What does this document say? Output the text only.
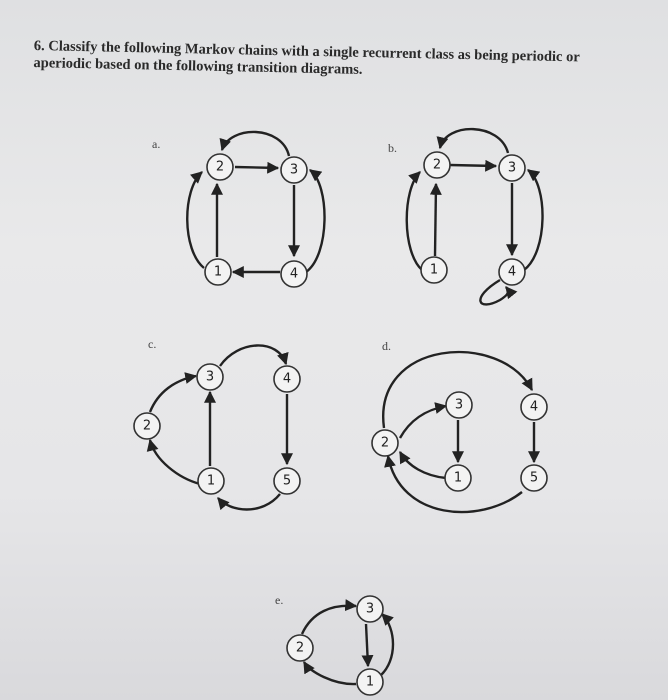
6. Classify the following Markov chains with a single recurrent class as being periodic or aperiodic based on the following transition diagrams.
a.
2	3
1	4
b.
2	3
1	4
c.
3	4
2
1	5
d.
3	4
2
1	5
e.
3
2
1
